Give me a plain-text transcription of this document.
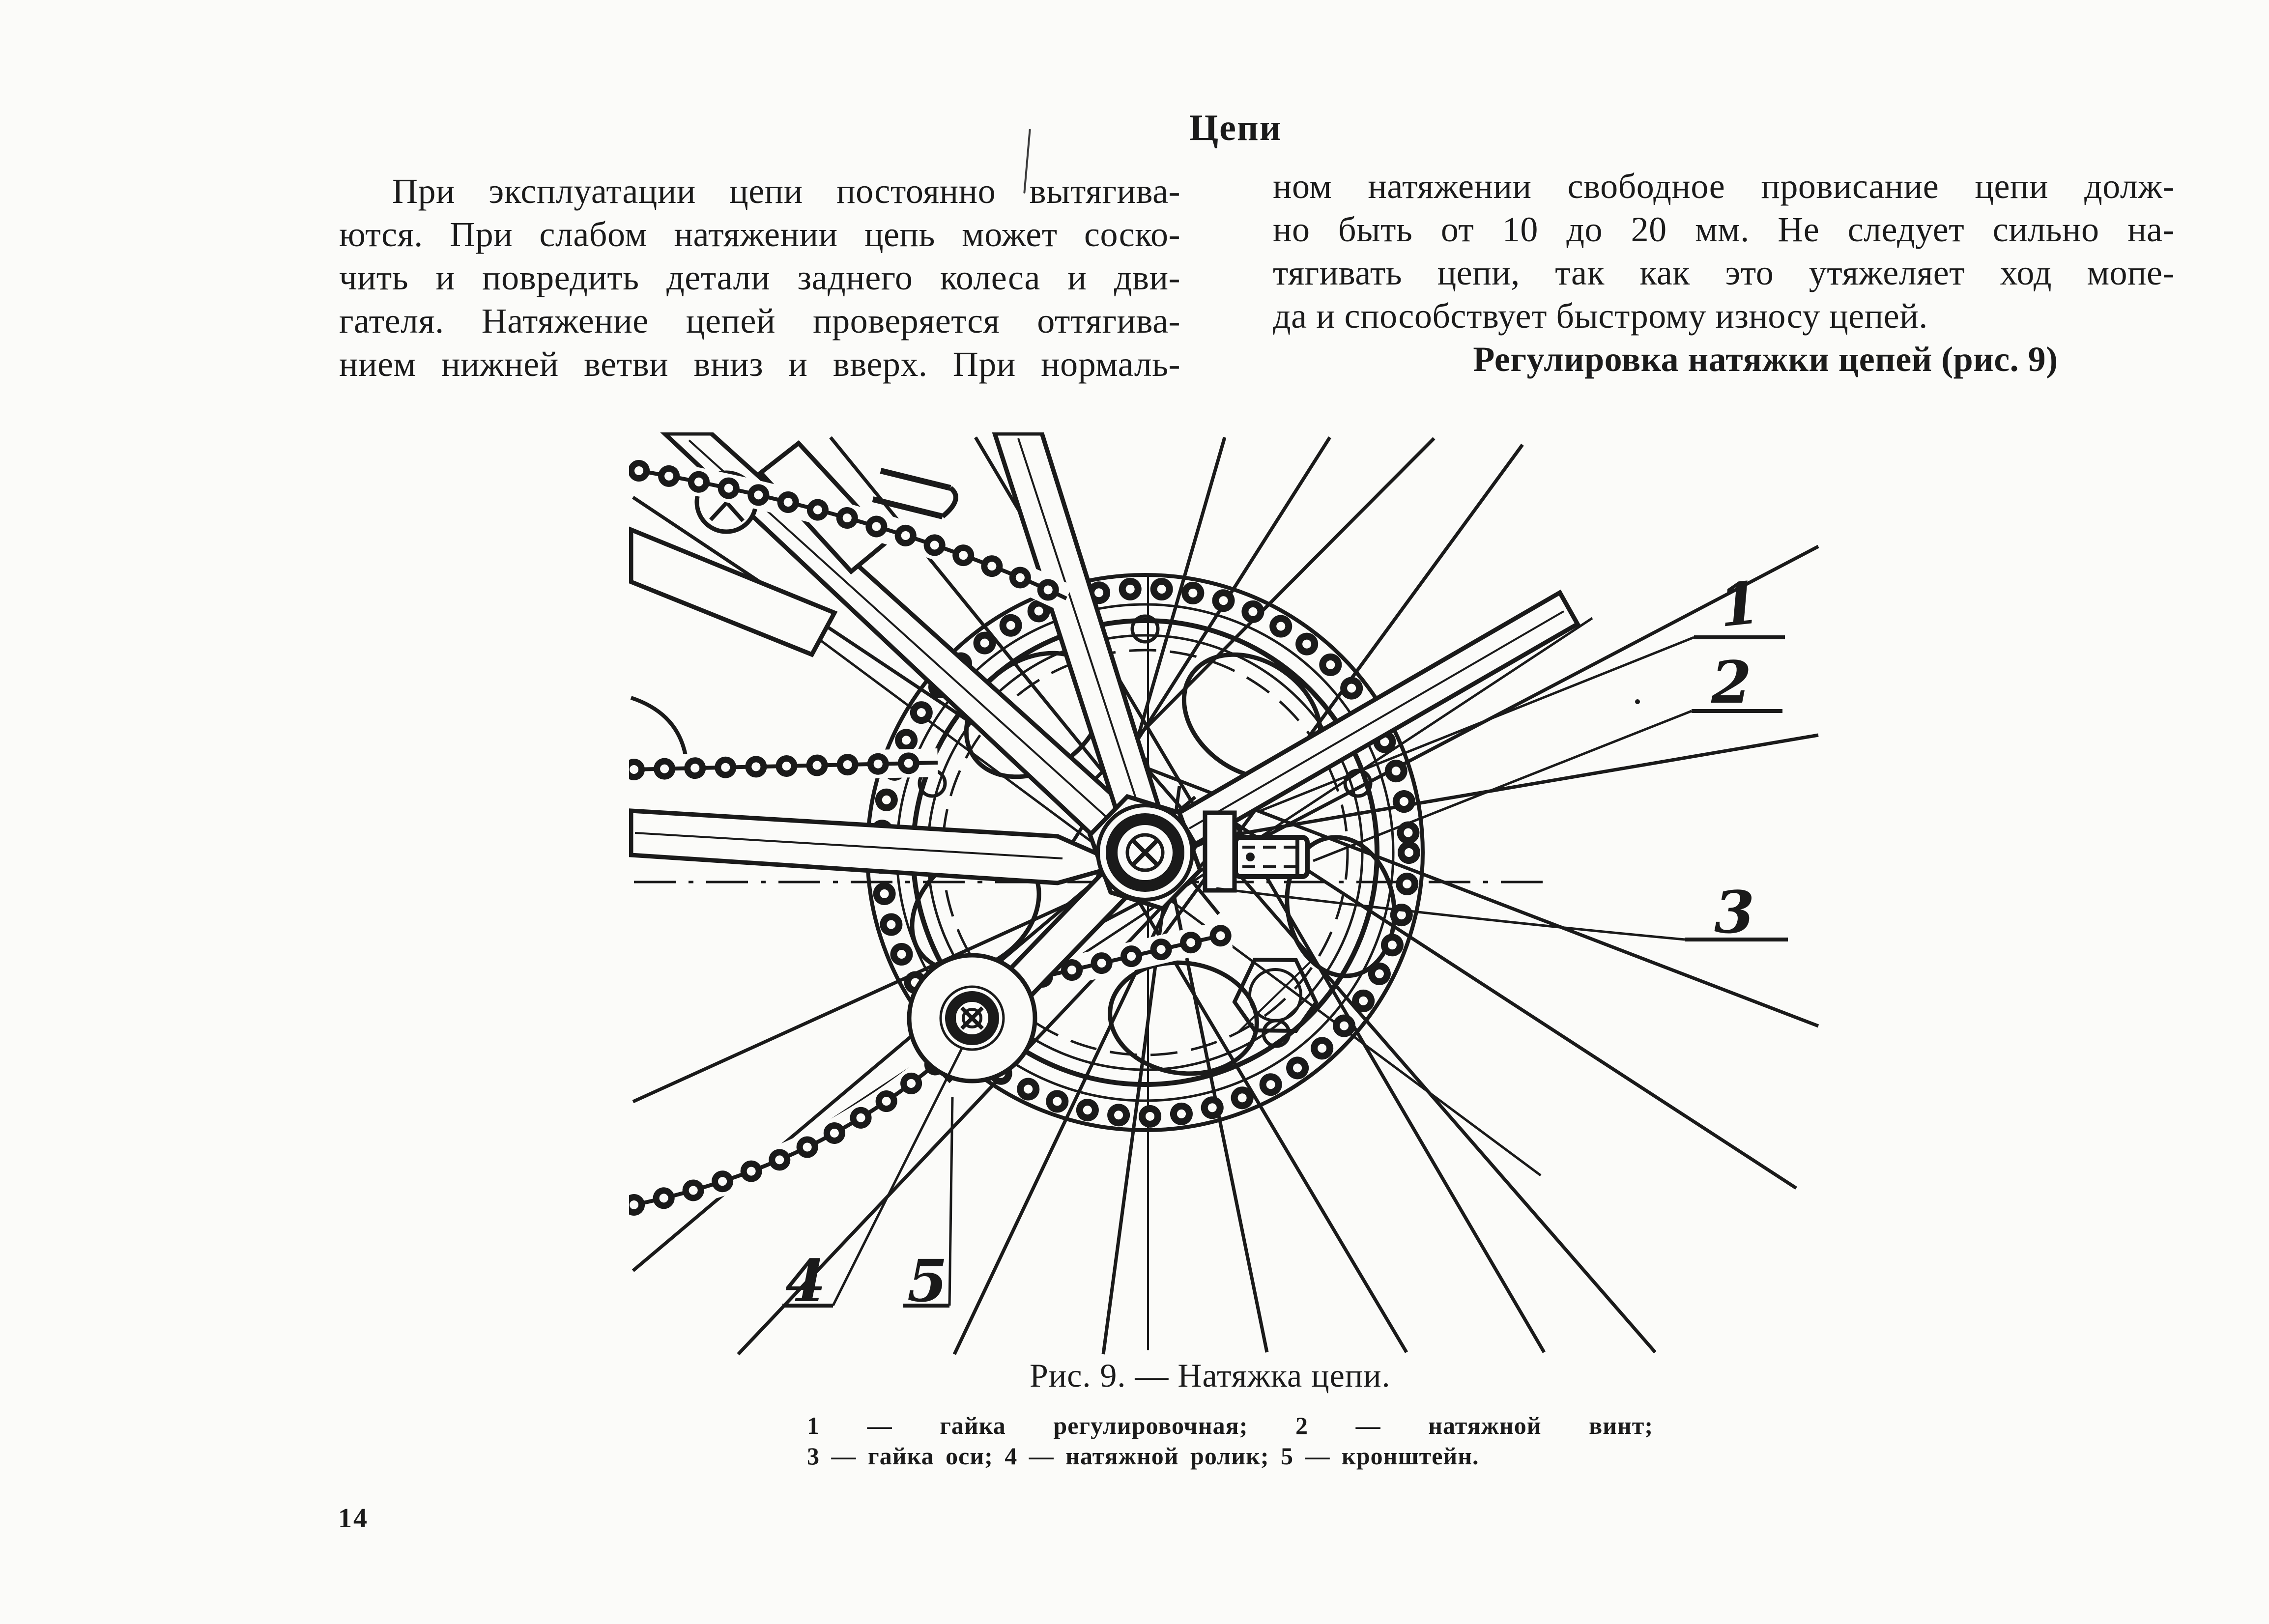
Цепи
При эксплуатации цепи постоянно вытягива-
ются. При слабом натяжении цепь может соско-
чить и повредить детали заднего колеса и дви-
гателя. Натяжение цепей проверяется оттягива-
нием нижней ветви вниз и вверх. При нормаль-
ном натяжении свободное провисание цепи долж-
но быть от 10 до 20 мм. Не следует сильно на-
тягивать цепи, так как это утяжеляет ход мопе-
да и способствует быстрому износу цепей.
Регулировка натяжки цепей (рис. 9)
1
2
3
4 5
Рис. 9. — Натяжка цепи.
1 — гайка регулировочная; 2 — натяжной винт;
3 — гайка оси; 4 — натяжной ролик; 5 — кронштейн.
14
